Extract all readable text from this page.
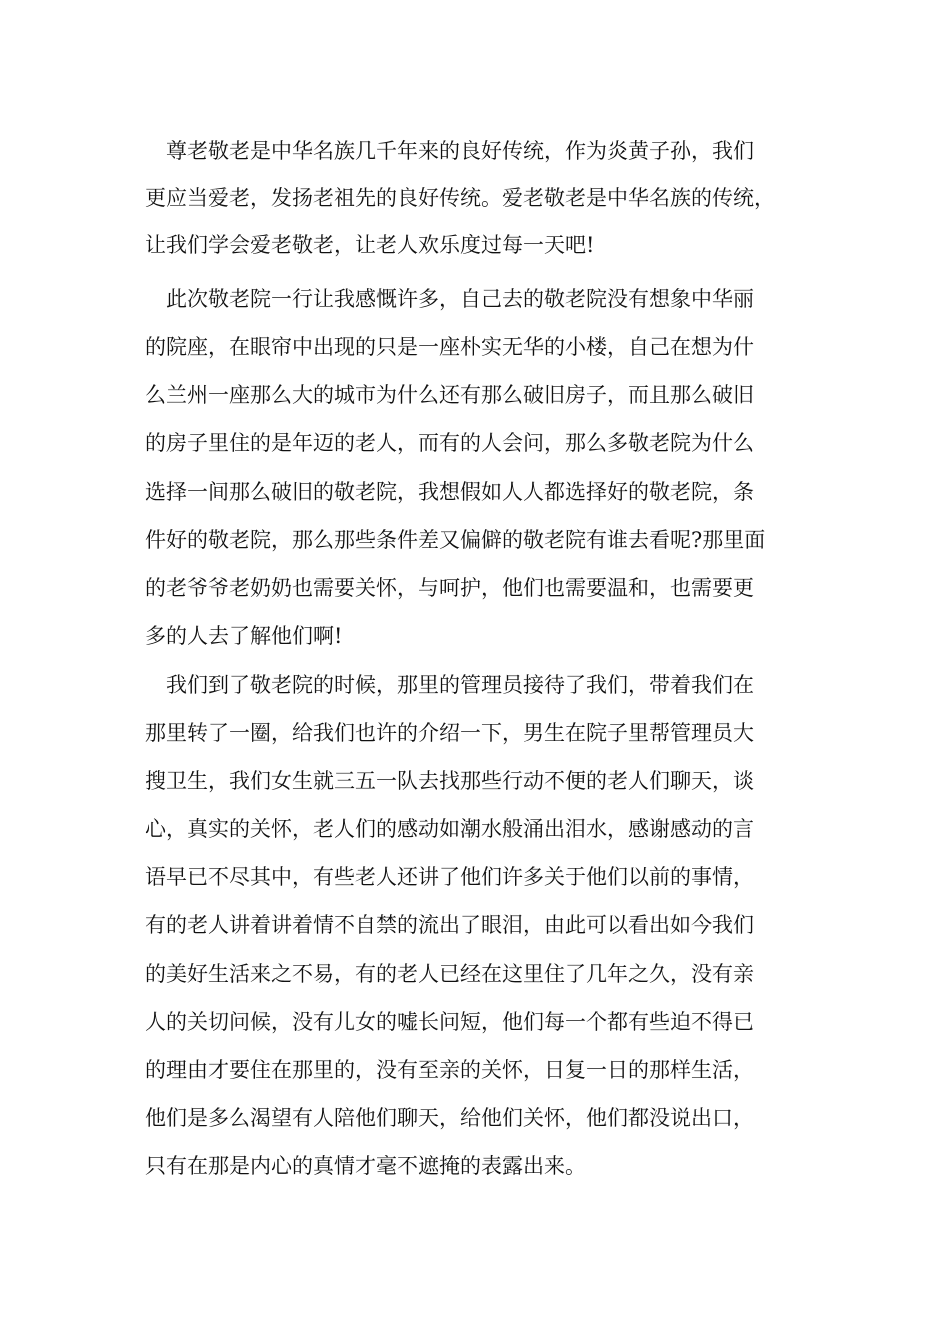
　尊老敬老是中华名族几千年来的良好传统，作为炎黄子孙，我们
更应当爱老，发扬老祖先的良好传统。爱老敬老是中华名族的传统，
让我们学会爱老敬老，让老人欢乐度过每一天吧!
　此次敬老院一行让我感慨许多，自己去的敬老院没有想象中华丽
的院座，在眼帘中出现的只是一座朴实无华的小楼，自己在想为什
么兰州一座那么大的城市为什么还有那么破旧房子，而且那么破旧
的房子里住的是年迈的老人，而有的人会问，那么多敬老院为什么
选择一间那么破旧的敬老院，我想假如人人都选择好的敬老院，条
件好的敬老院，那么那些条件差又偏僻的敬老院有谁去看呢?那里面
的老爷爷老奶奶也需要关怀，与呵护，他们也需要温和，也需要更
多的人去了解他们啊!
　我们到了敬老院的时候，那里的管理员接待了我们，带着我们在
那里转了一圈，给我们也许的介绍一下，男生在院子里帮管理员大
搜卫生，我们女生就三五一队去找那些行动不便的老人们聊天，谈
心，真实的关怀，老人们的感动如潮水般涌出泪水，感谢感动的言
语早已不尽其中，有些老人还讲了他们许多关于他们以前的事情，
有的老人讲着讲着情不自禁的流出了眼泪，由此可以看出如今我们
的美好生活来之不易，有的老人已经在这里住了几年之久，没有亲
人的关切问候，没有儿女的嘘长问短，他们每一个都有些迫不得已
的理由才要住在那里的，没有至亲的关怀，日复一日的那样生活，
他们是多么渴望有人陪他们聊天，给他们关怀，他们都没说出口，
只有在那是内心的真情才毫不遮掩的表露出来。
